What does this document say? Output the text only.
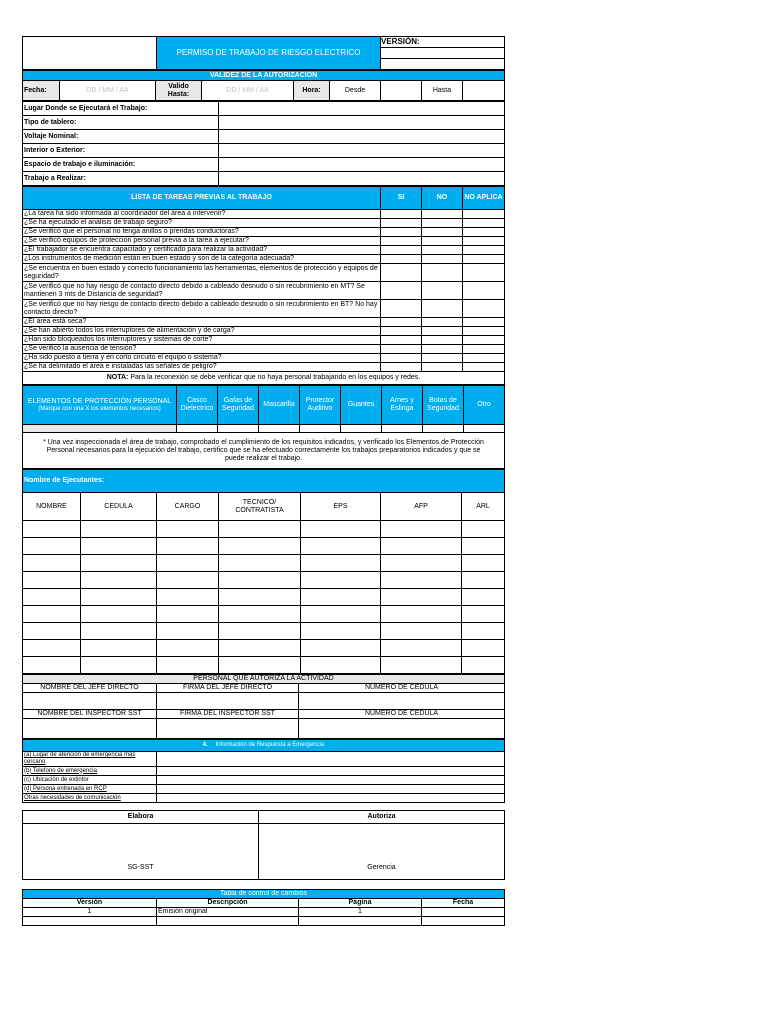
	PERMISO DE TRABAJO DE RIESGO ELECTRICO	
VERSIÓN:
VALIDEZ DE LA AUTORIZACIÓN
Fecha:	DD / MM / AA	Valido Hasta:	DD / MM / AA	Hora:	Desde		Hasta	
Lugar Donde se Ejecutará el Trabajo:	
Tipo de tablero:	
Voltaje Nominal:	
Interior o Exterior:	
Espacio de trabajo e iluminación:	
Trabajo a Realizar:	
LISTA DE TAREAS PREVIAS AL TRABAJO	SI	NO	NO APLICA
¿La tarea ha sido informada al coordinador del área a intervenir?			
¿Se ha ejecutado el análisis de trabajo seguro?			
¿Se verificó que el personal no tenga anillos o prendas conductoras?			
¿Se verificó equipos de proteccion personal previa a la tarea a ejecutar?			
¿El trabajador se encuentra capacitado y certificado para realizar la actividad?			
¿Los instrumentos de medición están en buen estado y son de la categoría adecuada?			
¿Se encuentra en buen estado y correcto funcionamiento las herramientas, elementos de protección y equipos de seguridad?			
¿Se verificó que no hay riesgo de contacto directo debido a cableado desnudo o sin recubrimiento en MT? Se mantienen 3 mts de Distancia de seguridad?			
¿Se verificó que no hay riesgo de contacto directo debido a cableado desnudo o sin recubrimiento en BT? No hay contacto directo?			
¿El área está seca?			
¿Se han abierto todos los interruptores de alimentación y de carga?			
¿Han sido bloqueados los interruptores y sistemas de corte?			
¿Se verificó la ausencia de tensión?			
¿Ha sido puesto a tierra y en corto circuito el equipo o sistema?			
¿Se ha delimitado el área e instaladas las señales de peligro?			
NOTA: Para la reconexión se debe verificar que no haya personal trabajando en los equipos y redes.			
ELEMENTOS DE PROTECCIÓN PERSONAL
(Marque con una X los elementos necesarios)	Casco Dielectrico	Gafas de Seguridad	Mascarilla	Protector Auditivo	Guantes	Arnes y Eslinga	Botas de Seguridad	Otro

* Una vez inspeccionada el área de trabajo, comprobado el cumplimiento de los requisitos indicados, y verificado los Elementos de Protección Personal necesarios para la ejecución del trabajo, certifico que se ha efectuado correctamente los trabajos preparatorios indicados y que se puede realizar el trabajo.								
Nombre de Ejecutantes:						
NOMBRE	CEDULA	CARGO	TECNICO/ CONTRATISTA	EPS	AFP	ARL

PERSONAL QUE AUTORIZA LA ACTIVIDAD		
NOMBRE DEL JEFE DIRECTO	FIRMA DEL JEFE DIRECTO	NUMERO DE CEDULA

NOMBRE DEL INSPECTOR SST	FIRMA DEL INSPECTOR SST	NUMERO DE CEDULA

4. Información de Respuesta a Emergencia	
(a) Lugar de atención de emergencia más cercano	
(b) Telefono de emergencia	
(c) Ubicación de extintor	
(d) Persona entrenada en RCP	
Otras necesidades de comunicación	
Elabora	Autoriza
SG-SST	Gerencia
Tabla de control de cambios			
Versión	Descripción	Página	Fecha
1	Emisión original	1	
